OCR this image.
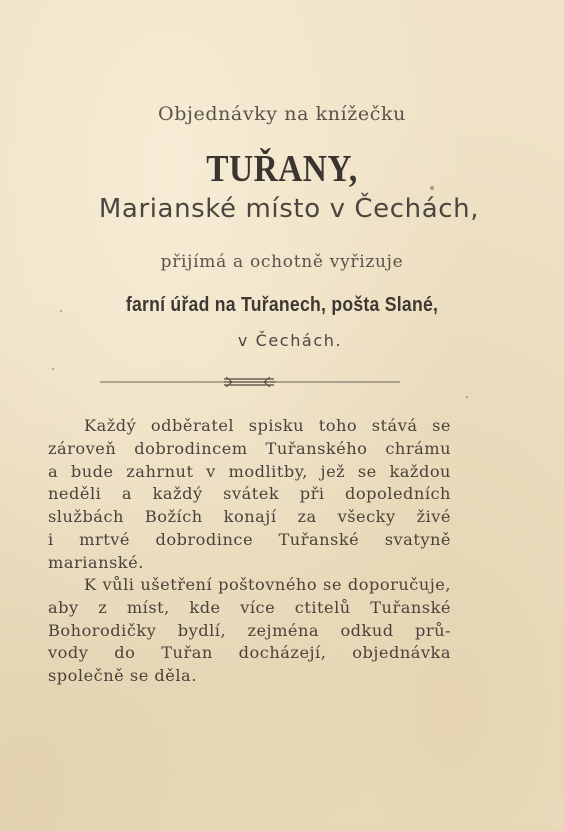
Objednávky na knížečku
TUŘANY,
Marianské místo v Čechách,
přijímá a ochotně vyřizuje
farní úřad na Tuřanech, pošta Slané,
v Čechách.
Každý odběratel spisku toho stává se
zároveň dobrodincem Tuřanského chrámu
a bude zahrnut v modlitby, jež se každou
neděli a každý svátek při dopoledních
službách Božích konají za všecky živé
i mrtvé dobrodince Tuřanské svatyně
marianské.
K vůli ušetření poštovného se doporučuje,
aby z míst, kde více ctitelů Tuřanské
Bohorodičky bydlí, zejména odkud prů-
vody do Tuřan docházejí, objednávka
společně se děla.
